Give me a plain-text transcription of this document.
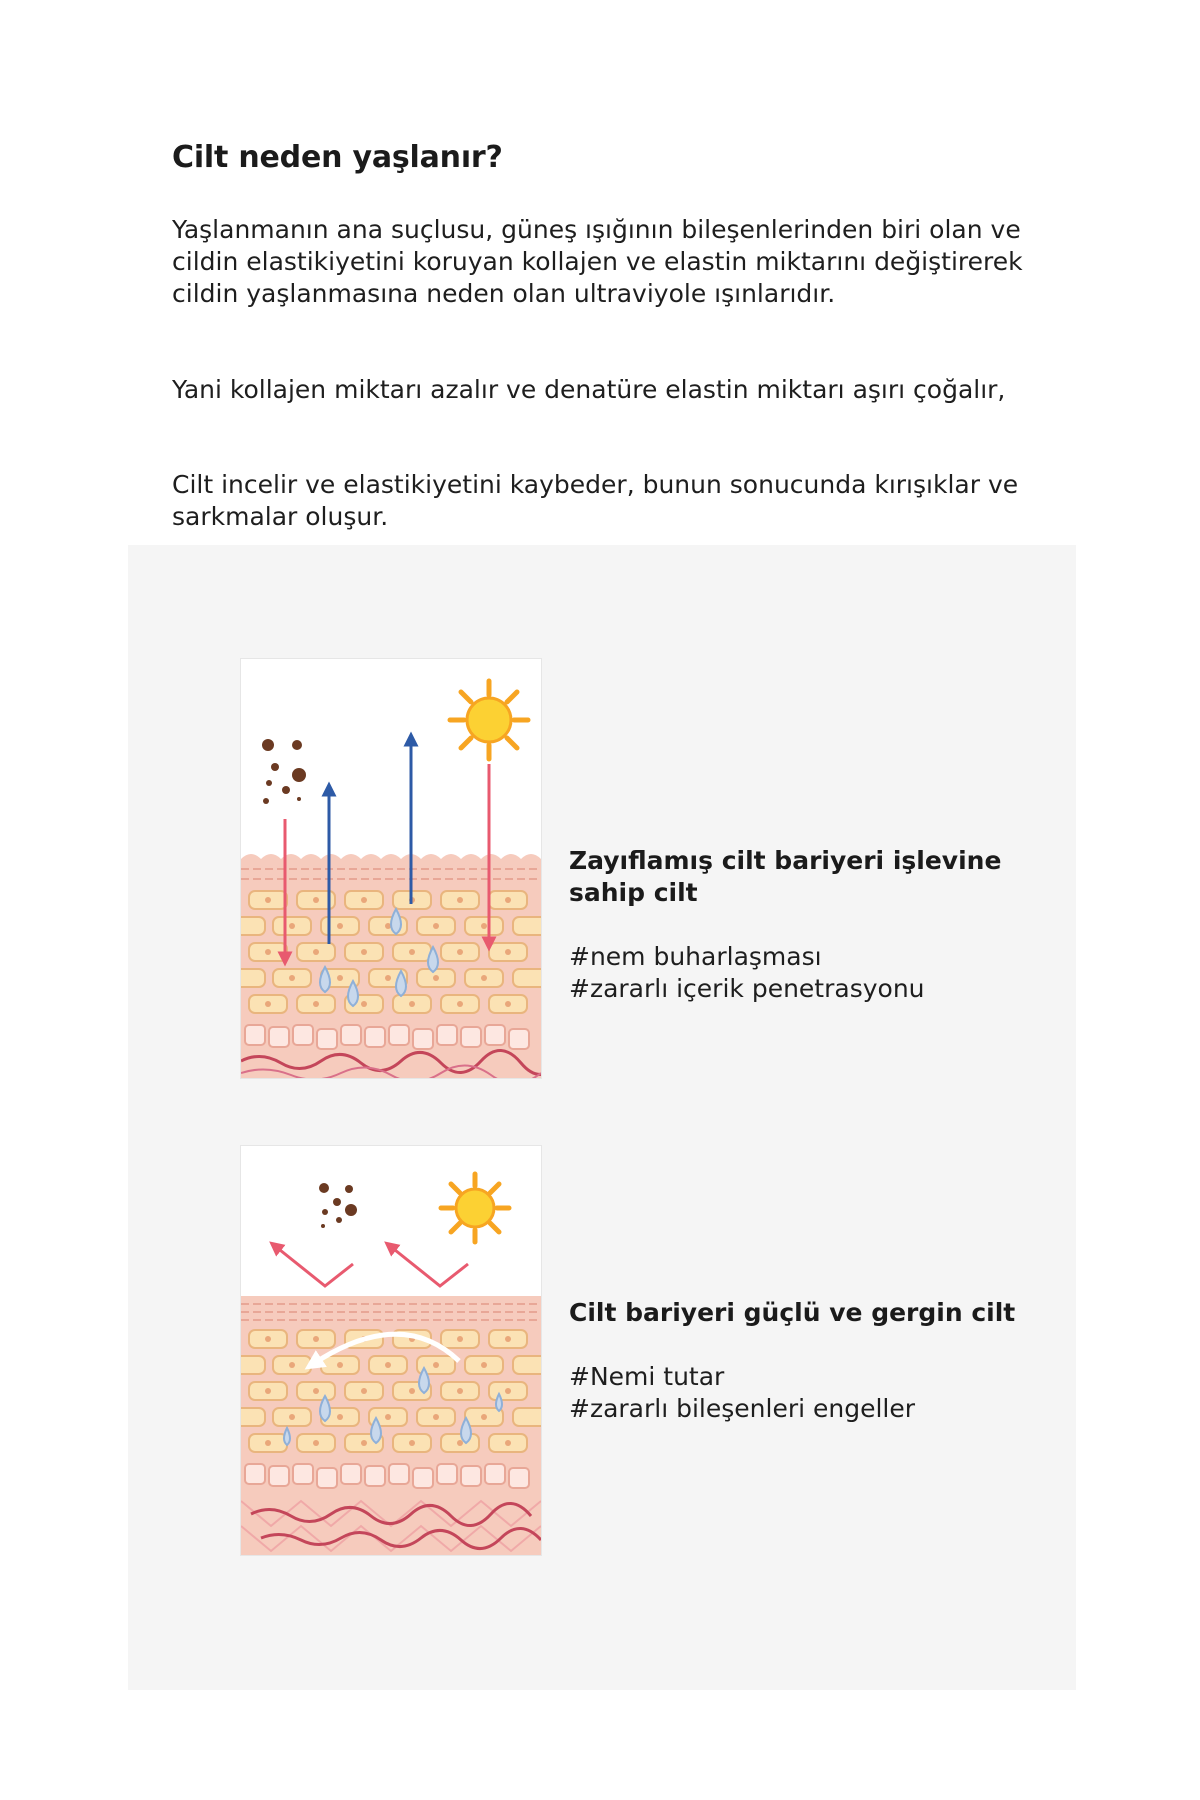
Cilt neden yaşlanır?

Yaşlanmanın ana suçlusu, güneş ışığının bileşenlerinden biri olan ve cildin elastikiyetini koruyan kollajen ve elastin miktarını değiştirerek cildin yaşlanmasına neden olan ultraviyole ışınlarıdır.

Yani kollajen miktarı azalır ve denatüre elastin miktarı aşırı çoğalır,

Cilt incelir ve elastikiyetini kaybeder, bunun sonucunda kırışıklar ve sarkmalar oluşur.

Zayıflamış cilt bariyeri işlevine sahip cilt

#nem buharlaşması

#zararlı içerik penetrasyonu

Cilt bariyeri güçlü ve gergin cilt

#Nemi tutar

#zararlı bileşenleri engeller
